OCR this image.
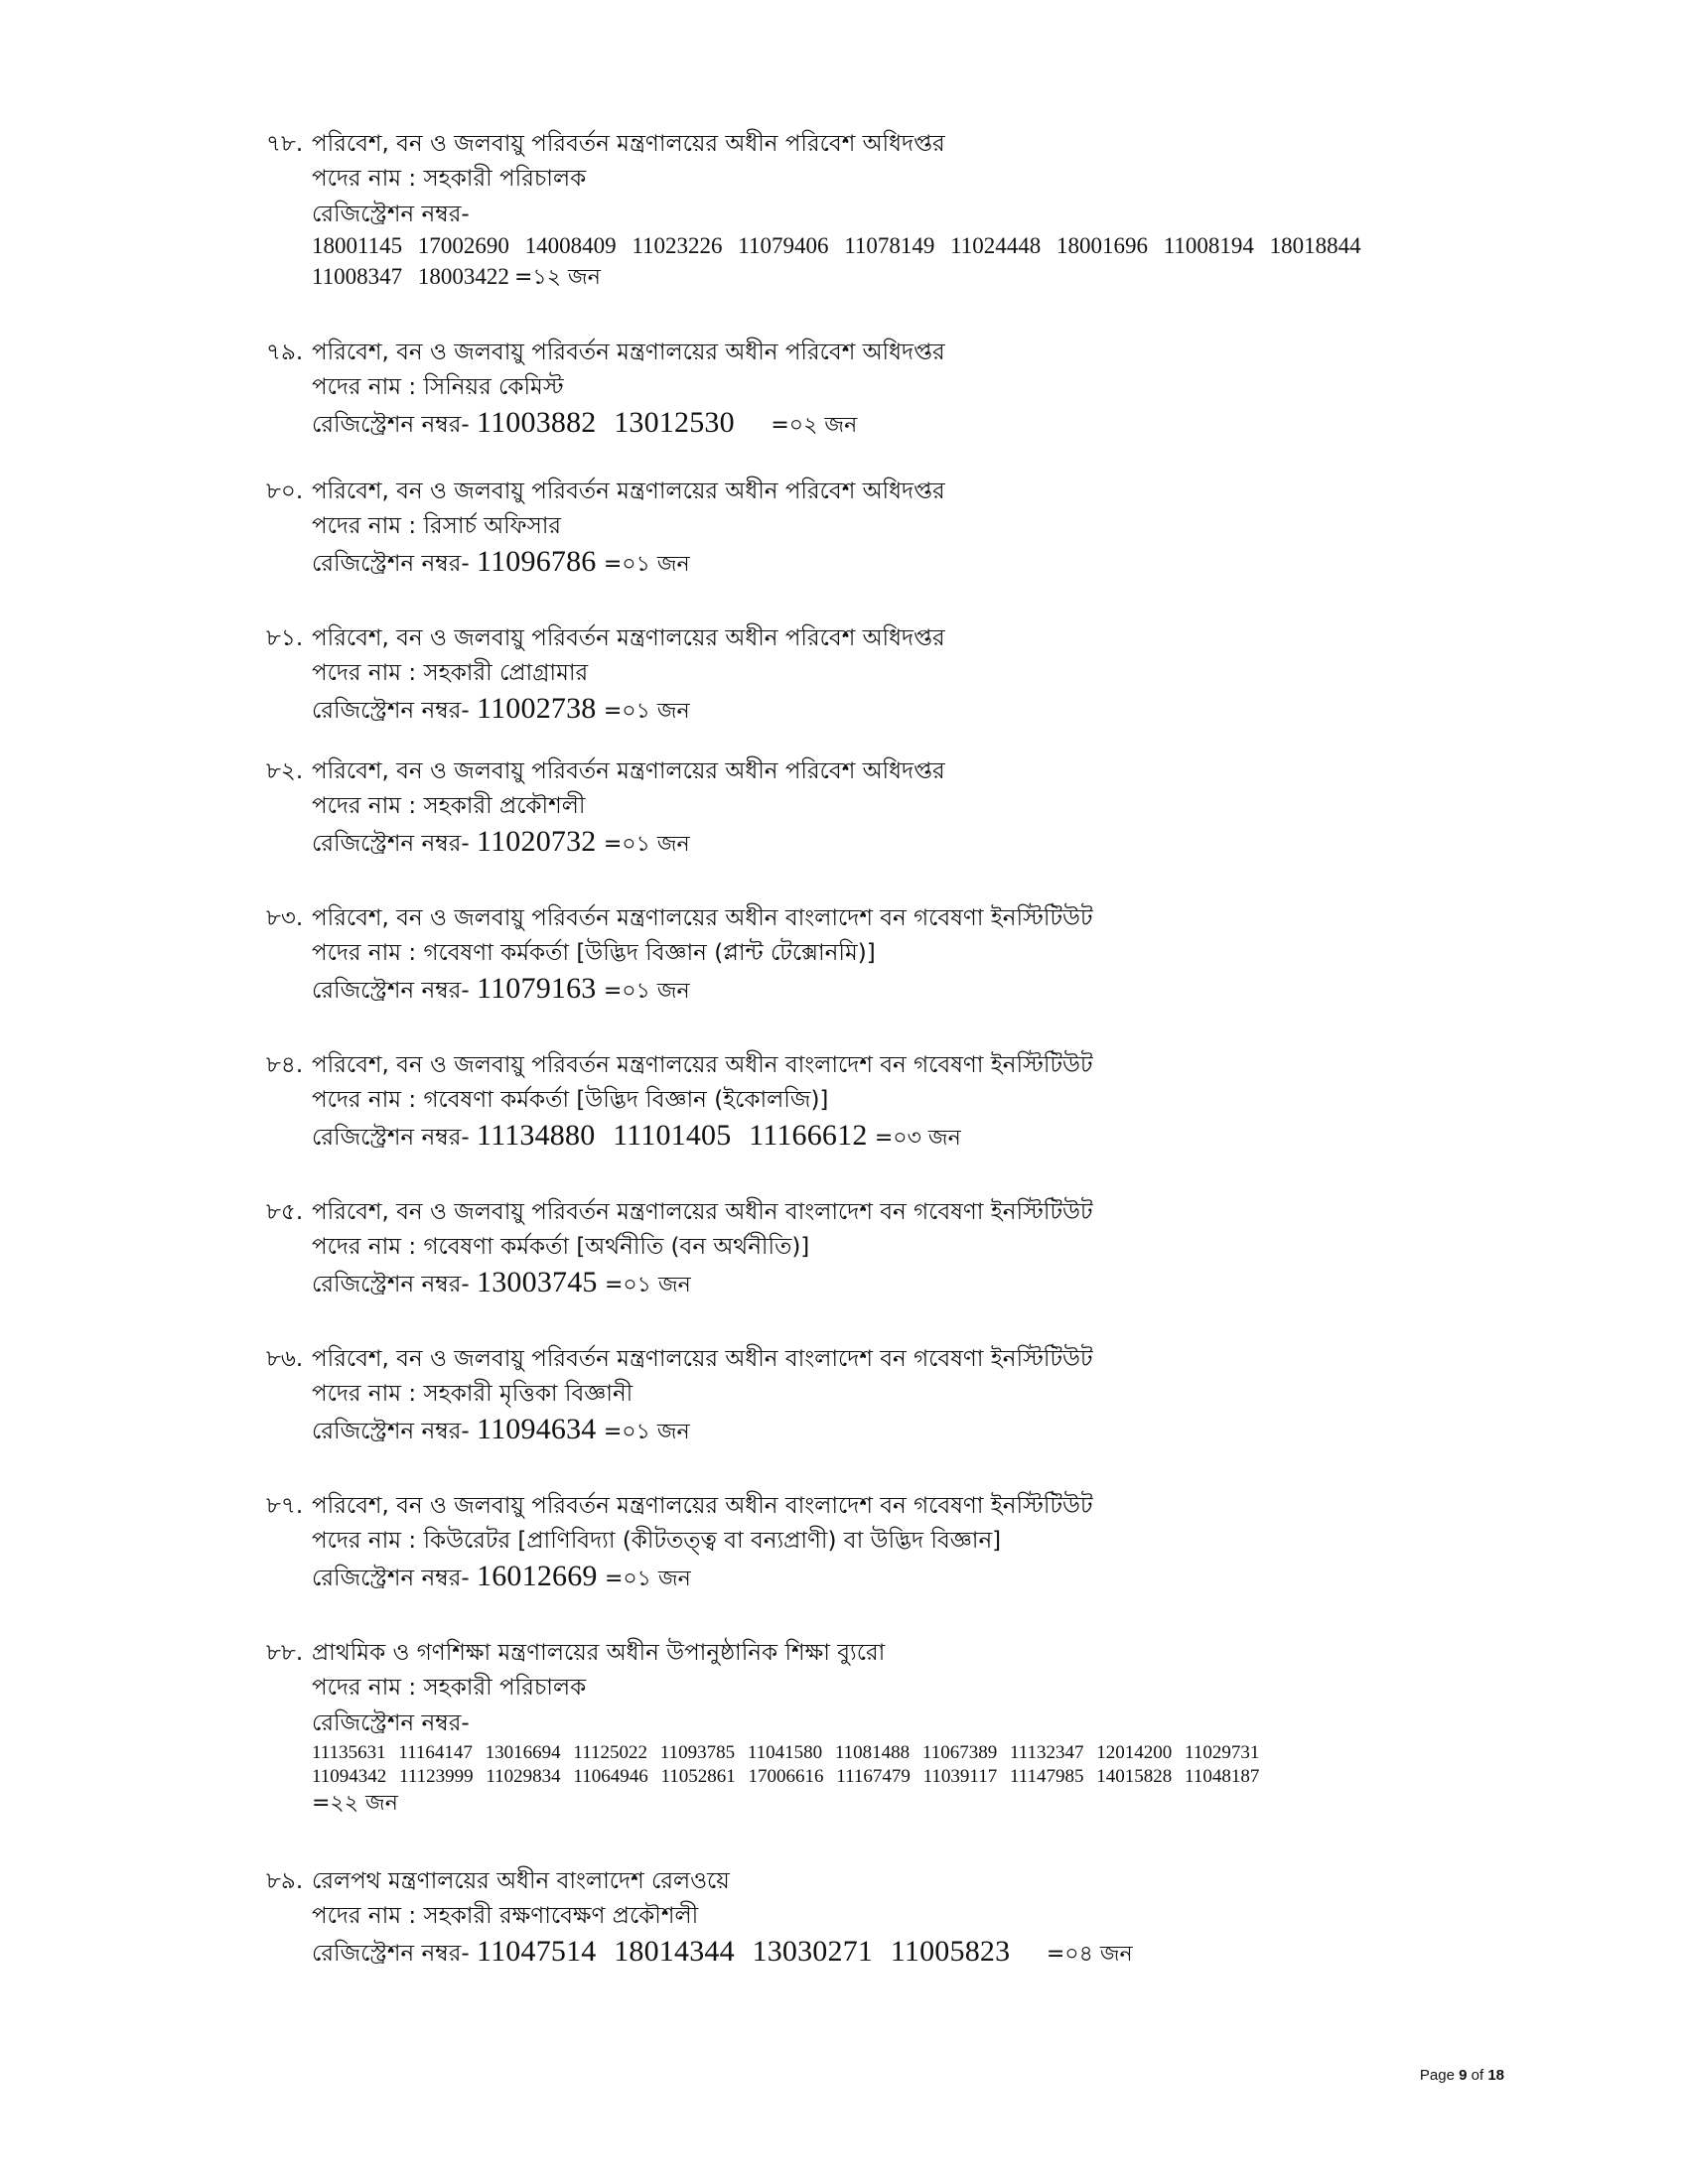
৭৮. পরিবেশ, বন ও জলবায়ু পরিবর্তন মন্ত্রণালয়ের অধীন পরিবেশ অধিদপ্তর
পদের নাম : সহকারী পরিচালক
রেজিস্ট্রেশন নম্বর-
18001145 17002690 14008409 11023226 11079406 11078149 11024448 18001696 11008194 18018844
11008347 18003422 =১২ জন
৭৯. পরিবেশ, বন ও জলবায়ু পরিবর্তন মন্ত্রণালয়ের অধীন পরিবেশ অধিদপ্তর
পদের নাম : সিনিয়র কেমিস্ট
রেজিস্ট্রেশন নম্বর- 11003882 13012530 =০২ জন
৮০. পরিবেশ, বন ও জলবায়ু পরিবর্তন মন্ত্রণালয়ের অধীন পরিবেশ অধিদপ্তর
পদের নাম : রিসার্চ অফিসার
রেজিস্ট্রেশন নম্বর- 11096786 =০১ জন
৮১. পরিবেশ, বন ও জলবায়ু পরিবর্তন মন্ত্রণালয়ের অধীন পরিবেশ অধিদপ্তর
পদের নাম : সহকারী প্রোগ্রামার
রেজিস্ট্রেশন নম্বর- 11002738 =০১ জন
৮২. পরিবেশ, বন ও জলবায়ু পরিবর্তন মন্ত্রণালয়ের অধীন পরিবেশ অধিদপ্তর
পদের নাম : সহকারী প্রকৌশলী
রেজিস্ট্রেশন নম্বর- 11020732 =০১ জন
৮৩. পরিবেশ, বন ও জলবায়ু পরিবর্তন মন্ত্রণালয়ের অধীন বাংলাদেশ বন গবেষণা ইনস্টিটিউট
পদের নাম : গবেষণা কর্মকর্তা [উদ্ভিদ বিজ্ঞান (প্লান্ট টেক্সোনমি)]
রেজিস্ট্রেশন নম্বর- 11079163 =০১ জন
৮৪. পরিবেশ, বন ও জলবায়ু পরিবর্তন মন্ত্রণালয়ের অধীন বাংলাদেশ বন গবেষণা ইনস্টিটিউট
পদের নাম : গবেষণা কর্মকর্তা [উদ্ভিদ বিজ্ঞান (ইকোলজি)]
রেজিস্ট্রেশন নম্বর- 11134880 11101405 11166612 =০৩ জন
৮৫. পরিবেশ, বন ও জলবায়ু পরিবর্তন মন্ত্রণালয়ের অধীন বাংলাদেশ বন গবেষণা ইনস্টিটিউট
পদের নাম : গবেষণা কর্মকর্তা [অর্থনীতি (বন অর্থনীতি)]
রেজিস্ট্রেশন নম্বর- 13003745 =০১ জন
৮৬. পরিবেশ, বন ও জলবায়ু পরিবর্তন মন্ত্রণালয়ের অধীন বাংলাদেশ বন গবেষণা ইনস্টিটিউট
পদের নাম : সহকারী মৃত্তিকা বিজ্ঞানী
রেজিস্ট্রেশন নম্বর- 11094634 =০১ জন
৮৭. পরিবেশ, বন ও জলবায়ু পরিবর্তন মন্ত্রণালয়ের অধীন বাংলাদেশ বন গবেষণা ইনস্টিটিউট
পদের নাম : কিউরেটর [প্রাণিবিদ্যা (কীটতত্ত্ব বা বন্যপ্রাণী) বা উদ্ভিদ বিজ্ঞান]
রেজিস্ট্রেশন নম্বর- 16012669 =০১ জন
৮৮. প্রাথমিক ও গণশিক্ষা মন্ত্রণালয়ের অধীন উপানুষ্ঠানিক শিক্ষা ব্যুরো
পদের নাম : সহকারী পরিচালক
রেজিস্ট্রেশন নম্বর-
11135631 11164147 13016694 11125022 11093785 11041580 11081488 11067389 11132347 12014200 11029731
11094342 11123999 11029834 11064946 11052861 17006616 11167479 11039117 11147985 14015828 11048187
=২২ জন
৮৯. রেলপথ মন্ত্রণালয়ের অধীন বাংলাদেশ রেলওয়ে
পদের নাম : সহকারী রক্ষণাবেক্ষণ প্রকৌশলী
রেজিস্ট্রেশন নম্বর- 11047514 18014344 13030271 11005823 =০৪ জন
Page 9 of 18
